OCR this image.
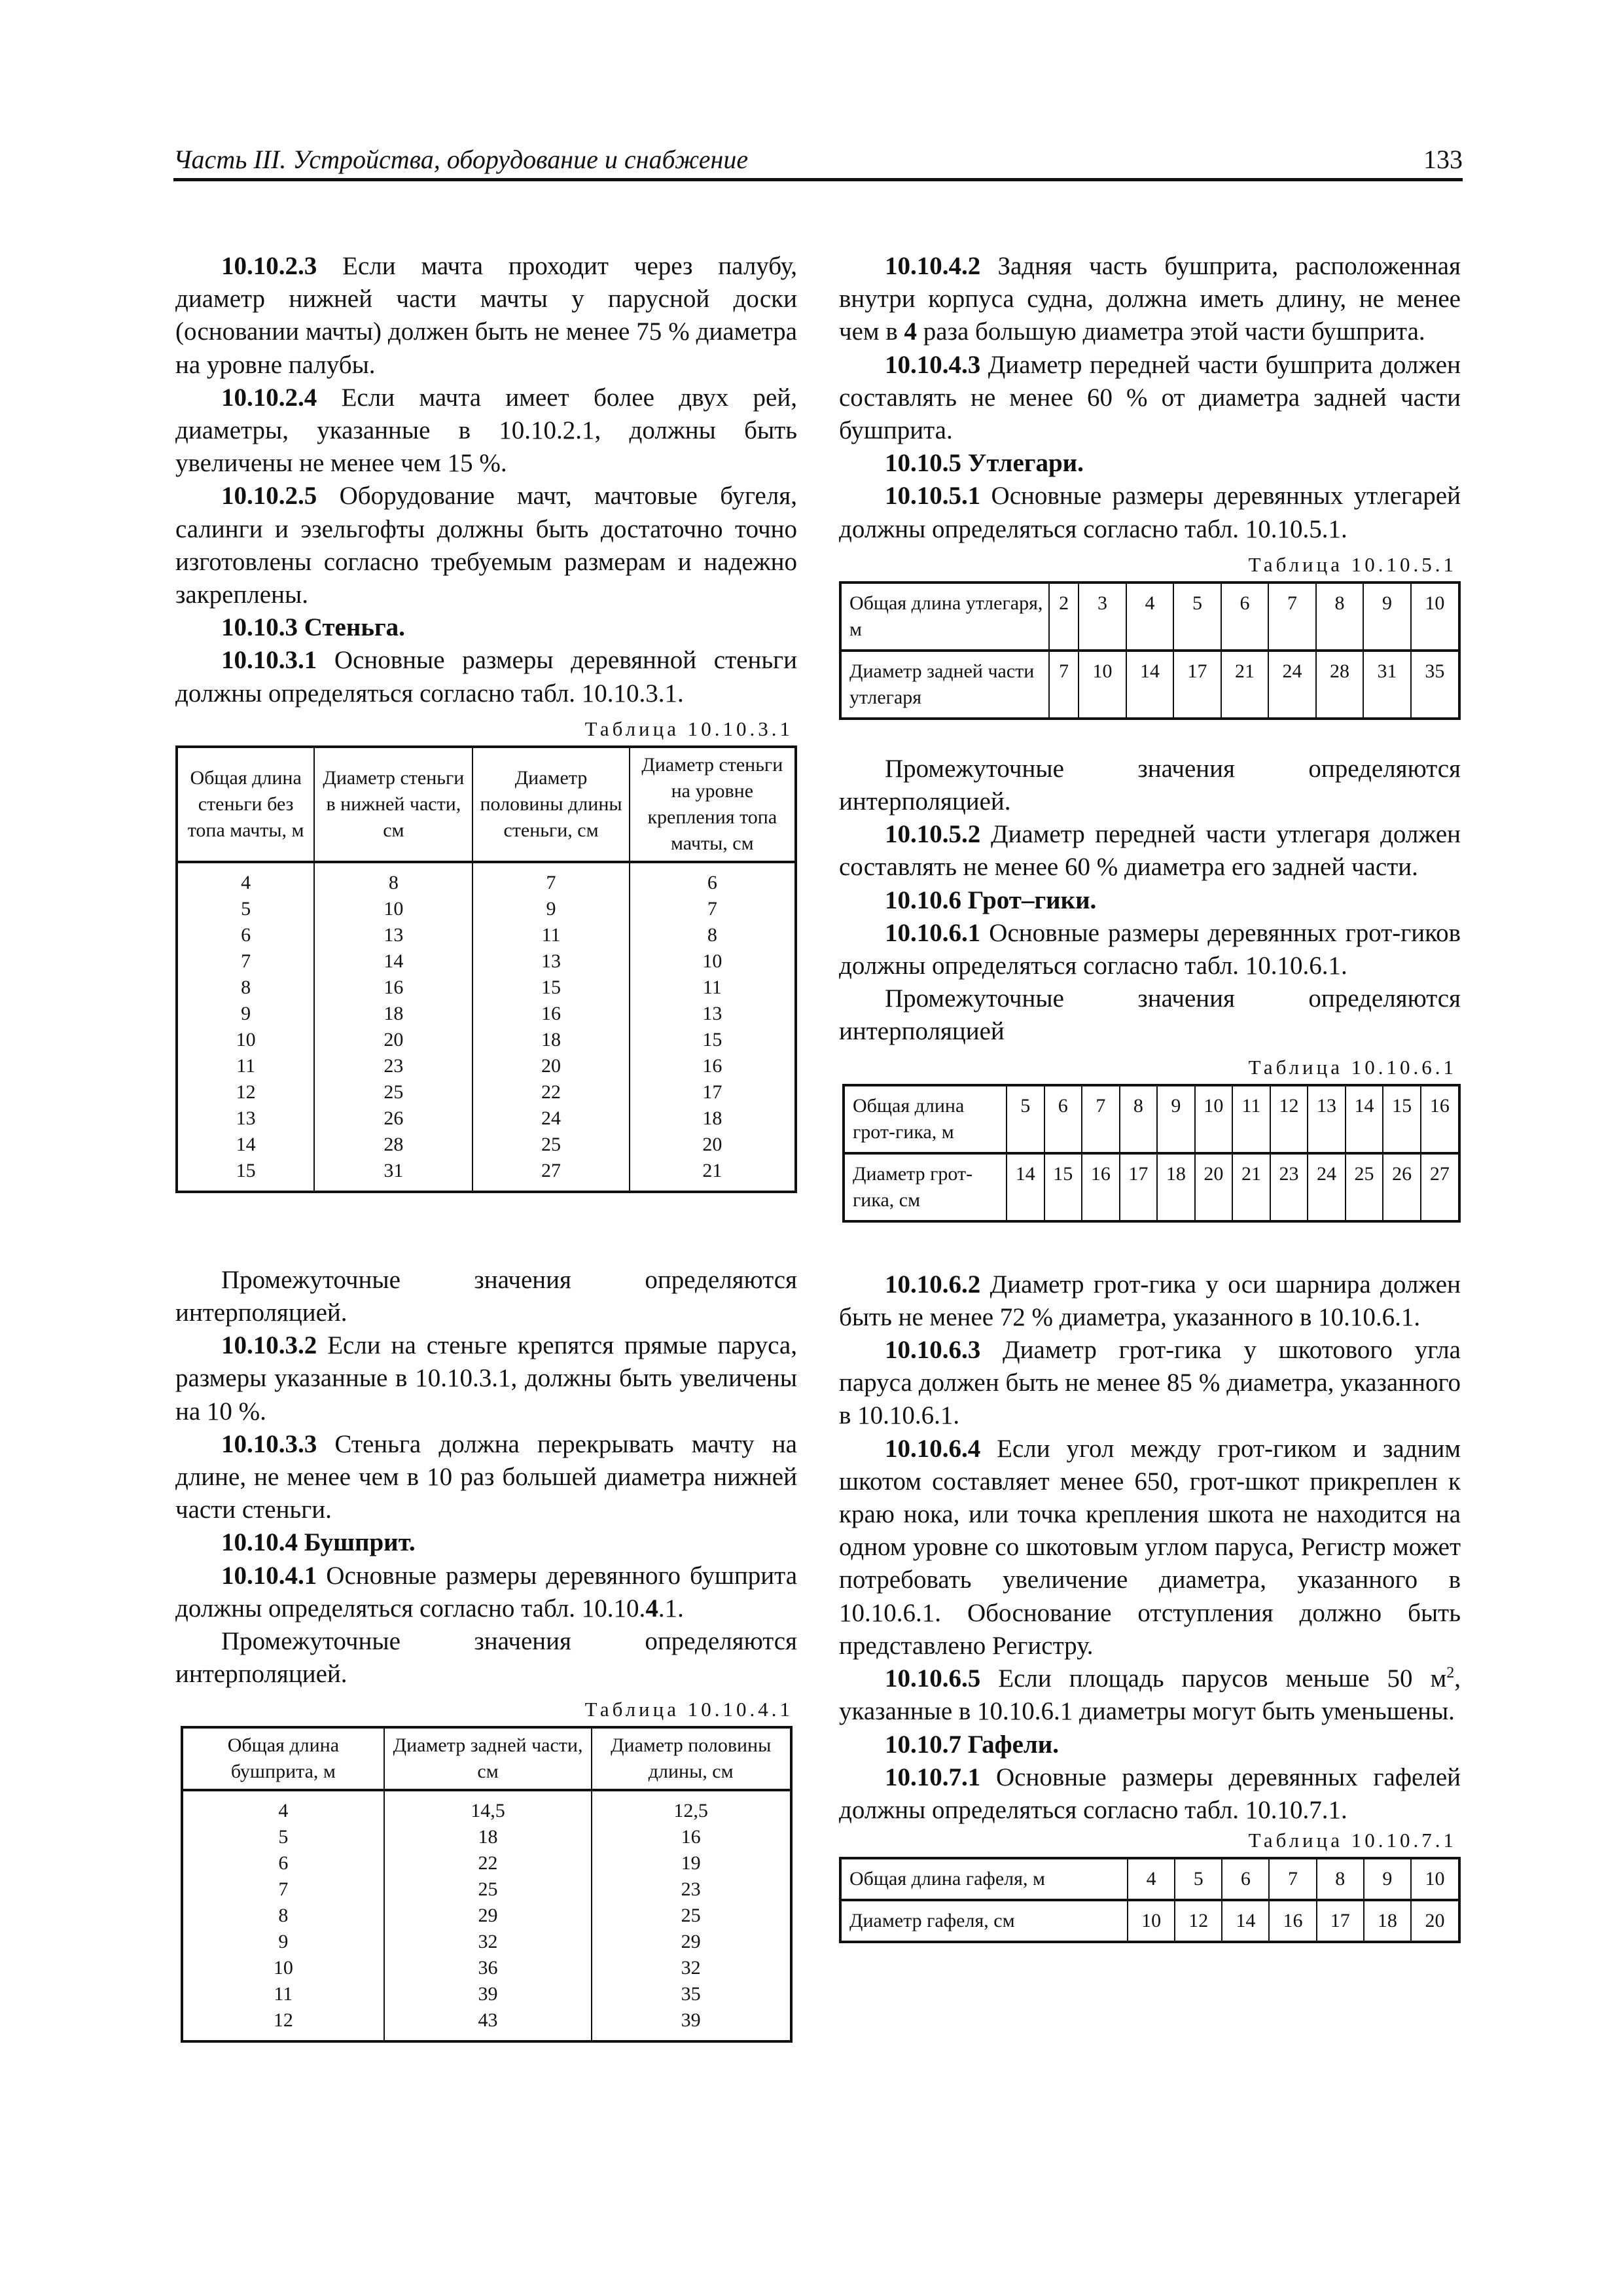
Часть III. Устройства, оборудование и снабжение	133

10.10.2.3 Если мачта проходит через палубу, диаметр нижней части мачты у парусной доски (основании мачты) должен быть не менее 75 % диаметра на уровне палубы.

10.10.2.4 Если мачта имеет более двух рей, диаметры, указанные в 10.10.2.1, должны быть увеличены не менее чем 15 %.

10.10.2.5 Оборудование мачт, мачтовые бугеля, салинги и эзельгофты должны быть достаточно точно изготовлены согласно требуемым размерам и надежно закреплены.

10.10.3 Стеньга.

10.10.3.1 Основные размеры деревянной стеньги должны определяться согласно табл. 10.10.3.1.

Таблица 10.10.3.1
Общая длина стеньги без топа мачты, м	Диаметр стеньги в нижней части, см	Диаметр половины длины стеньги, см	Диаметр стеньги на уровне крепления топа мачты, см
4	8	7	6
5	10	9	7
6	13	11	8
7	14	13	10
8	16	15	11
9	18	16	13
10	20	18	15
11	23	20	16
12	25	22	17
13	26	24	18
14	28	25	20
15	31	27	21

Промежуточные значения определяются интерполяцией.

10.10.3.2 Если на стеньге крепятся прямые паруса, размеры указанные в 10.10.3.1, должны быть увеличены на 10 %.

10.10.3.3 Стеньга должна перекрывать мачту на длине, не менее чем в 10 раз большей диаметра нижней части стеньги.

10.10.4 Бушприт.

10.10.4.1 Основные размеры деревянного бушприта должны определяться согласно табл. 10.10.4.1.

Промежуточные значения определяются интерполяцией.

Таблица 10.10.4.1
Общая длина бушприта, м	Диаметр задней части, см	Диаметр половины длины, см
4	14,5	12,5
5	18	16
6	22	19
7	25	23
8	29	25
9	32	29
10	36	32
11	39	35
12	43	39

10.10.4.2 Задняя часть бушприта, расположенная внутри корпуса судна, должна иметь длину, не менее чем в 4 раза большую диаметра этой части бушприта.

10.10.4.3 Диаметр передней части бушприта должен составлять не менее 60 % от диаметра задней части бушприта.

10.10.5 Утлегари.

10.10.5.1 Основные размеры деревянных утлегарей должны определяться согласно табл. 10.10.5.1.

Таблица 10.10.5.1
Общая длина утлегаря, м	2	3	4	5	6	7	8	9	10
Диаметр задней части утлегаря	7	10	14	17	21	24	28	31	35

Промежуточные значения определяются интерполяцией.

10.10.5.2 Диаметр передней части утлегаря должен составлять не менее 60 % диаметра его задней части.

10.10.6 Грот–гики.

10.10.6.1 Основные размеры деревянных грот-гиков должны определяться согласно табл. 10.10.6.1.

Промежуточные значения определяются интерполяцией

Таблица 10.10.6.1
Общая длина грот-гика, м	5	6	7	8	9	10	11	12	13	14	15	16
Диаметр грот-гика, см	14	15	16	17	18	20	21	23	24	25	26	27

10.10.6.2 Диаметр грот-гика у оси шарнира должен быть не менее 72 % диаметра, указанного в 10.10.6.1.

10.10.6.3 Диаметр грот-гика у шкотового угла паруса должен быть не менее 85 % диаметра, указанного в 10.10.6.1.

10.10.6.4 Если угол между грот-гиком и задним шкотом составляет менее 650, грот-шкот прикреплен к краю нока, или точка крепления шкота не находится на одном уровне со шкотовым углом паруса, Регистр может потребовать увеличение диаметра, указанного в 10.10.6.1. Обоснование отступления должно быть представлено Регистру.

10.10.6.5 Если площадь парусов меньше 50 $м^2$, указанные в 10.10.6.1 диаметры могут быть уменьшены.

10.10.7 Гафели.

10.10.7.1 Основные размеры деревянных гафелей должны определяться согласно табл. 10.10.7.1.

Таблица 10.10.7.1
Общая длина гафеля, м	4	5	6	7	8	9	10
Диаметр гафеля, см	10	12	14	16	17	18	20
